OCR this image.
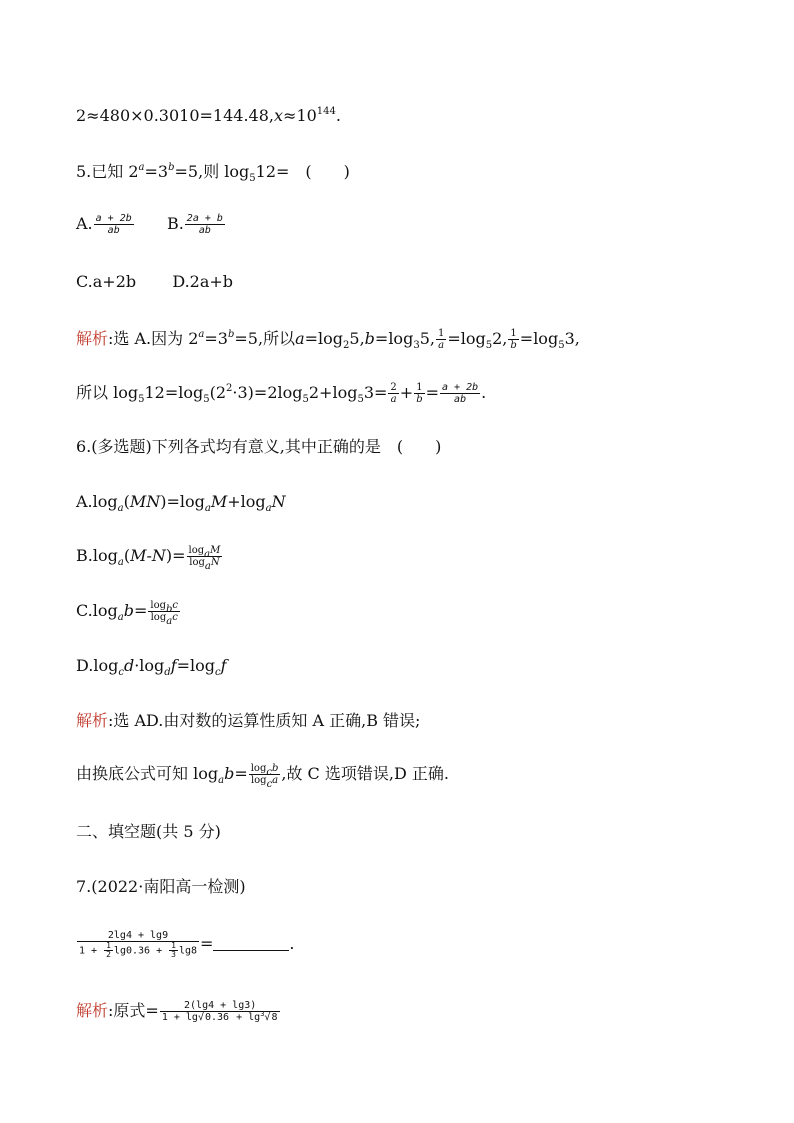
$2\approx 480\times 0.3010=144.48,x\approx 10^{144}$.
5.已知 $2^a=3^b=5$,则 $\log_512=$　(　　)
A. $\frac{a + 2b}{ab} B$. $\frac{2a + b}{ab}$
C.a+2b D.2a+b
解析:选 A.因为 $2^a=3^b=5$,所以$a=\log_25,b=\log_35$, $\frac{1}{a} =\log_52$, $\frac{1}{b} =\log_53$,
所以 $\log_512=\log_5(2^2\cdot 3)=2\log_52+\log_53= \frac{2}{a} + \frac{1}{b} = \frac{a + 2b}{ab}$ .
6.(多选题)下列各式均有意义,其中正确的是　(　　)
$A.\log_a(MN)=\log_aM+\log_aN$
$B.\log_a(M-N)= \frac{\log_aM}{\log_aN}$
$C.\log_ab= \frac{\log_bc}{\log_ac}$
$D.\log_cd\cdot\log_df=\log_cf$
解析:选 AD.由对数的运算性质知 A 正确,B 错误;
由换底公式可知 $\log_ab= \frac{\log_cb}{\log_ca}$ ,故 C 选项错误,D 正确.
二、填空题(共 5 分)
7.(2022·南阳高一检测)
$\frac{2\lg 4 + \lg 9}{1 + \frac{1}{2} \lg 0.36 + \frac{1}{3} \lg 8}$ =	.
解析:原式= $\frac{2(\lg 4 + \lg 3)}{1 + \lg√0.36 + \lg^3√8}$
